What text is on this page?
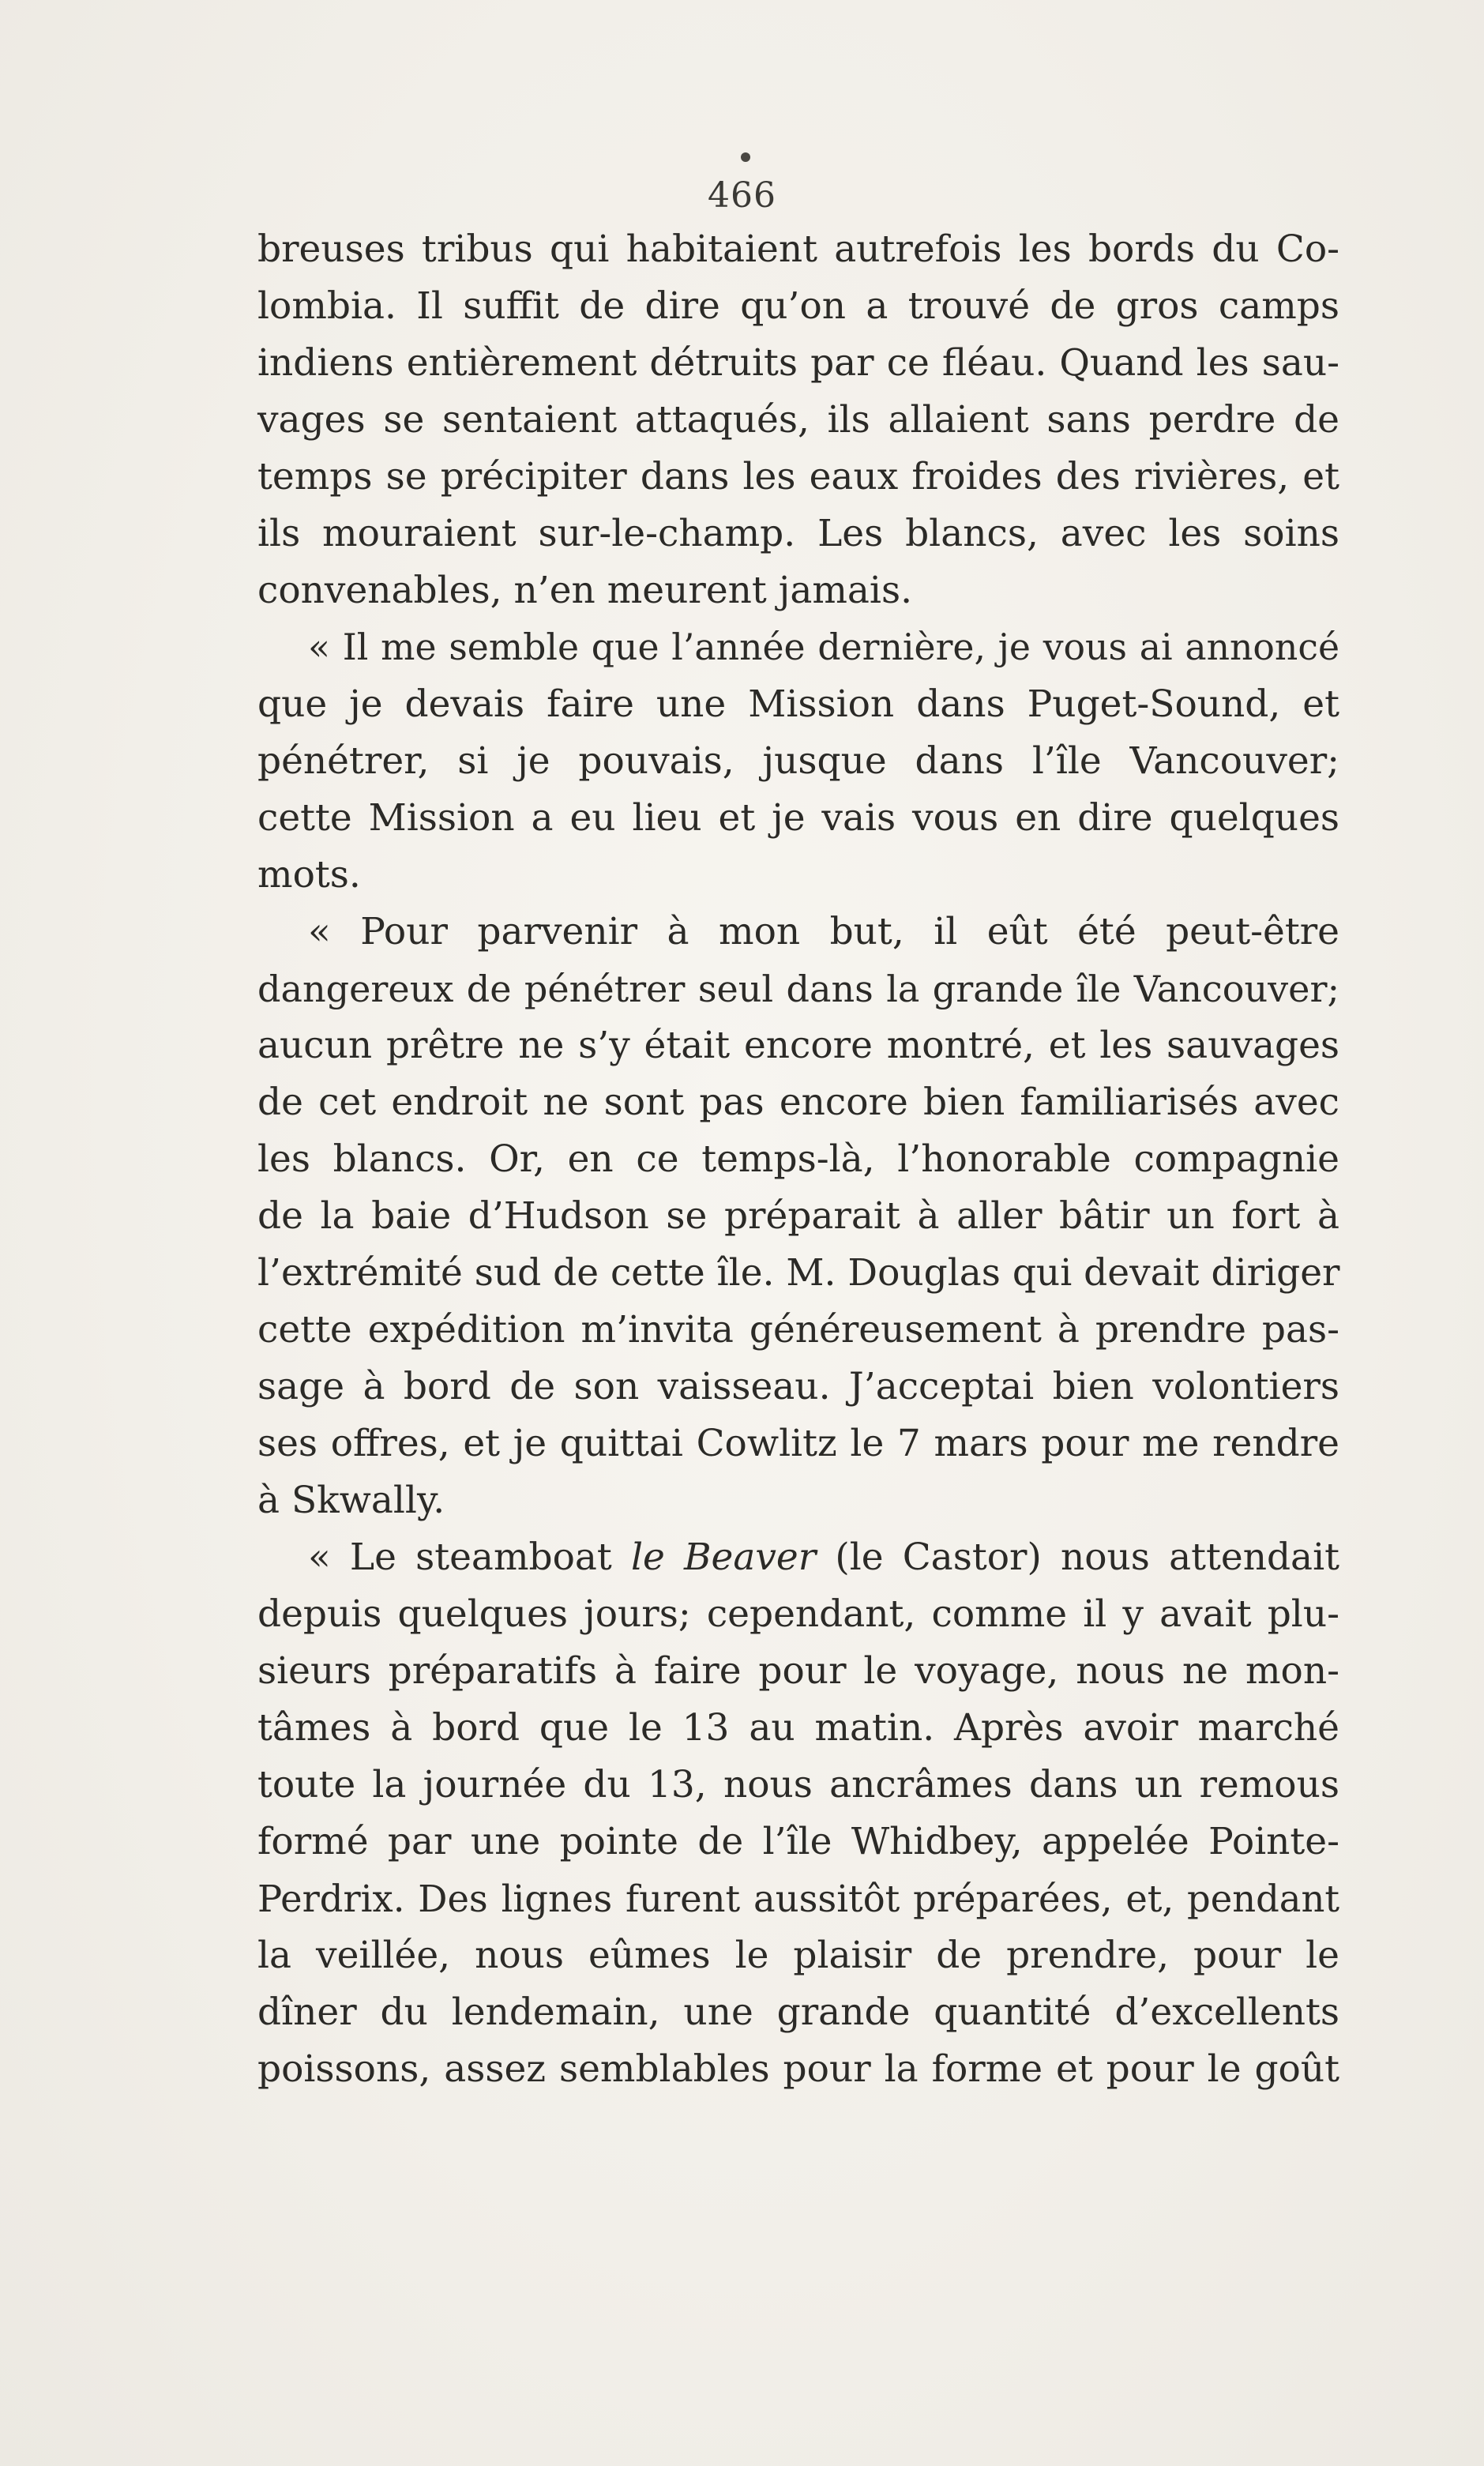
466
breuses tribus qui habitaient autrefois les bords du Co-
lombia. Il suffit de dire qu’on a trouvé de gros camps
indiens entièrement détruits par ce fléau. Quand les sau-
vages se sentaient attaqués, ils allaient sans perdre de
temps se précipiter dans les eaux froides des rivières, et
ils mouraient sur-le-champ. Les blancs, avec les soins
convenables, n’en meurent jamais.
« Il me semble que l’année dernière, je vous ai annoncé
que je devais faire une Mission dans Puget-Sound, et
pénétrer, si je pouvais, jusque dans l’île Vancouver;
cette Mission a eu lieu et je vais vous en dire quelques
mots.
« Pour parvenir à mon but, il eût été peut-être
dangereux de pénétrer seul dans la grande île Vancouver;
aucun prêtre ne s’y était encore montré, et les sauvages
de cet endroit ne sont pas encore bien familiarisés avec
les blancs. Or, en ce temps-là, l’honorable compagnie
de la baie d’Hudson se préparait à aller bâtir un fort à
l’extrémité sud de cette île. M. Douglas qui devait diriger
cette expédition m’invita généreusement à prendre pas-
sage à bord de son vaisseau. J’acceptai bien volontiers
ses offres, et je quittai Cowlitz le 7 mars pour me rendre
à Skwally.
« Le steamboat le Beaver (le Castor) nous attendait
depuis quelques jours; cependant, comme il y avait plu-
sieurs préparatifs à faire pour le voyage, nous ne mon-
tâmes à bord que le 13 au matin. Après avoir marché
toute la journée du 13, nous ancrâmes dans un remous
formé par une pointe de l’île Whidbey, appelée Pointe-
Perdrix. Des lignes furent aussitôt préparées, et, pendant
la veillée, nous eûmes le plaisir de prendre, pour le
dîner du lendemain, une grande quantité d’excellents
poissons, assez semblables pour la forme et pour le goût
